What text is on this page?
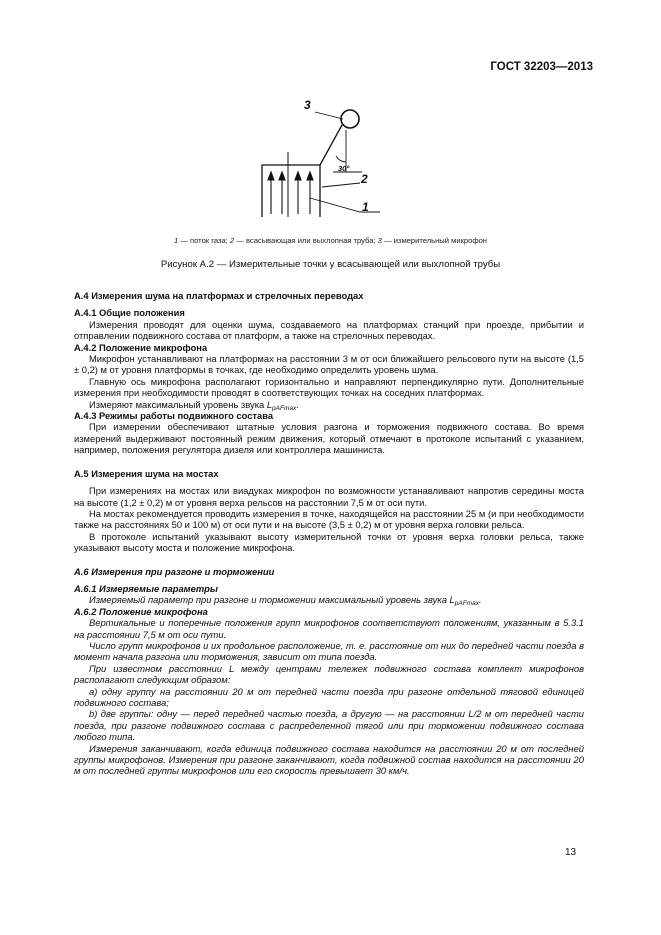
ГОСТ 32203—2013
3
2
1
30°
1 — поток газа; 2 — всасывающая или выхлопная труба; 3 — измерительный микрофон
Рисунок А.2 — Измерительные точки у всасывающей или выхлопной трубы

А.4 Измерения шума на платформах и стрелочных переводах

А.4.1 Общие положения

Измерения проводят для оценки шума, создаваемого на платформах станций при проезде, прибытии и отправлении подвижного состава от платформ, а также на стрелочных переводах.

А.4.2 Положение микрофона

Микрофон устанавливают на платформах на расстоянии 3 м от оси ближайшего рельсового пути на высоте (1,5 ± 0,2) м от уровня платформы в точках, где необходимо определить уровень шума.

Главную ось микрофона располагают горизонтально и направляют перпендикулярно пути. Дополнительные измерения при необходимости проводят в соответствующих точках на соседних платформах.

Измеряют максимальный уровень звука $L_{pAFmax}$.

А.4.3 Режимы работы подвижного состава

При измерении обеспечивают штатные условия разгона и торможения подвижного состава. Во время измерений выдерживают постоянный режим движения, который отмечают в протоколе испытаний с указанием, например, положения регулятора дизеля или контроллера машиниста.

А.5 Измерения шума на мостах

При измерениях на мостах или виадуках микрофон по возможности устанавливают напротив середины моста на высоте (1,2 ± 0,2) м от уровня верха рельсов на расстоянии 7,5 м от оси пути.

На мостах рекомендуется проводить измерения в точке, находящейся на расстоянии 25 м (и при необходимости также на расстояниях 50 и 100 м) от оси пути и на высоте (3,5 ± 0,2) м от уровня верха головки рельса.

В протоколе испытаний указывают высоту измерительной точки от уровня верха головки рельса, также указывают высоту моста и положение микрофона.

А.6 Измерения при разгоне и торможении

А.6.1 Измеряемые параметры

Измеряемый параметр при разгоне и торможении максимальный уровень звука $L_{pAFmax}$.

А.6.2 Положение микрофона

Вертикальные и поперечные положения групп микрофонов соответствуют положениям, указанным в 5.3.1 на расстоянии 7,5 м от оси пути.

Число групп микрофонов и их продольное расположение, т. е. расстояние от них до передней части поезда в момент начала разгона или торможения, зависит от типа поезда.

При известном расстоянии L между центрами тележек подвижного состава комплект микрофонов располагают следующим образом:

а) одну группу на расстоянии 20 м от передней части поезда при разгоне отдельной тяговой единицей подвижного состава;

b) две группы: одну — перед передней частью поезда, а другую — на расстоянии L/2 м от передней части поезда, при разгоне подвижного состава с распределенной тягой или при торможении подвижного состава любого типа.

Измерения заканчивают, когда единица подвижного состава находится на расстоянии 20 м от последней группы микрофонов. Измерения при разгоне заканчивают, когда подвижной состав находится на расстоянии 20 м от последней группы микрофонов или его скорость превышает 30 км/ч.

13
